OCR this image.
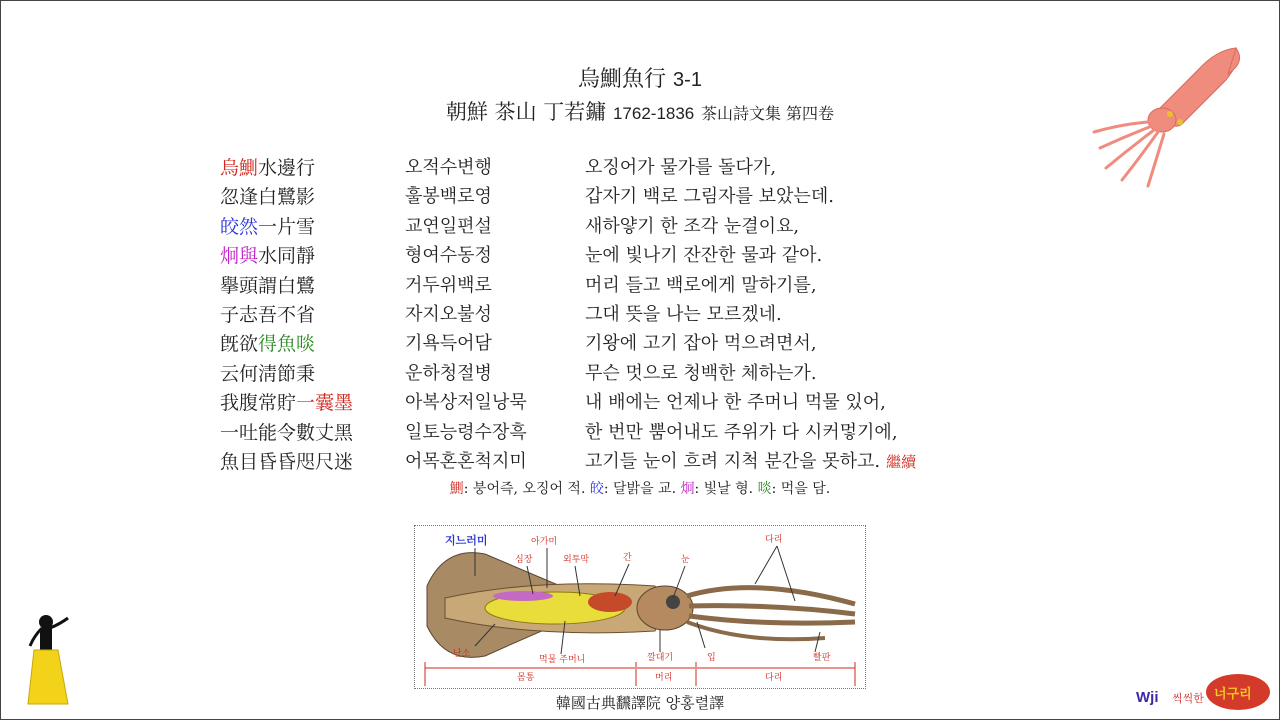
烏鰂魚行 3-1
朝鮮 茶山 丁若鏞 1762-1836 茶山詩文集 第四卷
烏鰂水邊行	오적수변행	오징어가 물가를 돌다가,
忽逢白鷺影	훌봉백로영	갑자기 백로 그림자를 보았는데.
皎然一片雪	교연일편설	새하얗기 한 조각 눈결이요,
炯與水同靜	형여수동정	눈에 빛나기 잔잔한 물과 같아.
擧頭謂白鷺	거두위백로	머리 들고 백로에게 말하기를,
子志吾不省	자지오불성	그대 뜻을 나는 모르겠네.
旣欲得魚啖	기욕득어담	기왕에 고기 잡아 먹으려면서,
云何淸節秉	운하청절병	무슨 멋으로 청백한 체하는가.
我腹常貯一囊墨	아복상저일낭묵	내 배에는 언제나 한 주머니 먹물 있어,
一吐能令數丈黑	일토능령수장흑	한 번만 뿜어내도 주위가 다 시커멓기에,
魚目昏昏咫尺迷	어목혼혼척지미	고기들 눈이 흐려 지척 분간을 못하고. 繼續
鰂: 붕어즉, 오징어 적. 皎: 달밝을 교. 炯: 빛날 형. 啖: 먹을 담.
지느러미	아가미
심장	외투막	간	눈
다리
난소
먹물 주머니	깔대기	입	빨판
몸통	머리	다리
韓國古典飜譯院 양홍렬譯	Wji 씩씩한 너구리
